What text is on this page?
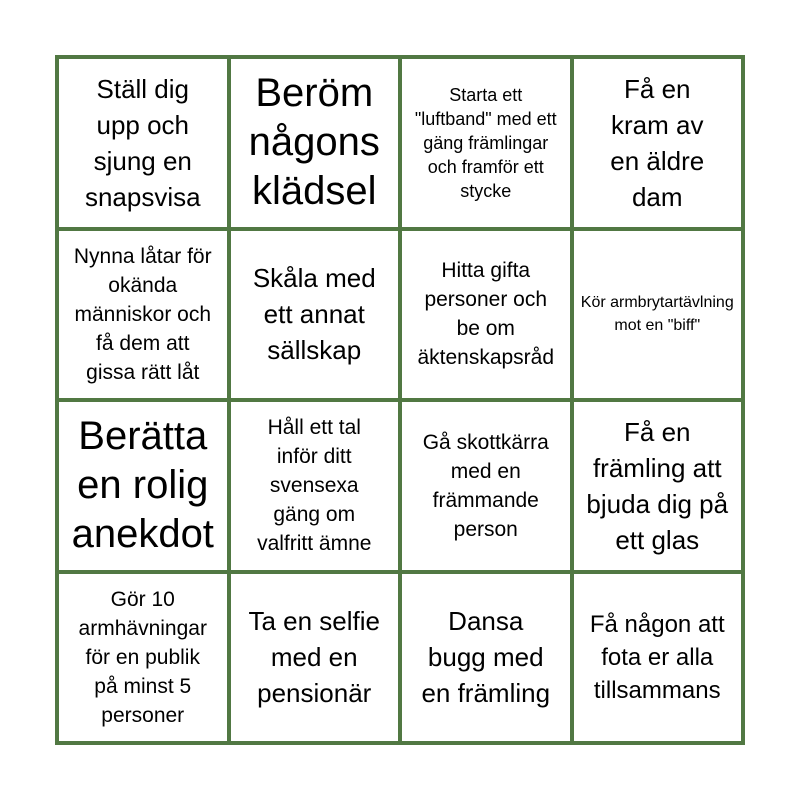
Ställ dig upp och sjung en snapsvisa
Beröm någons klädsel
Starta ett "luftband" med ett gäng främlingar och framför ett stycke
Få en kram av en äldre dam
Nynna låtar för okända människor och få dem att gissa rätt låt
Skåla med ett annat sällskap
Hitta gifta personer och be om äktenskapsråd
Kör armbrytartävlning mot en "biff"
Berätta en rolig anekdot
Håll ett tal inför ditt svensexa gäng om valfritt ämne
Gå skottkärra med en främmande person
Få en främling att bjuda dig på ett glas
Gör 10 armhävningar för en publik på minst 5 personer
Ta en selfie med en pensionär
Dansa bugg med en främling
Få någon att fota er alla tillsammans
